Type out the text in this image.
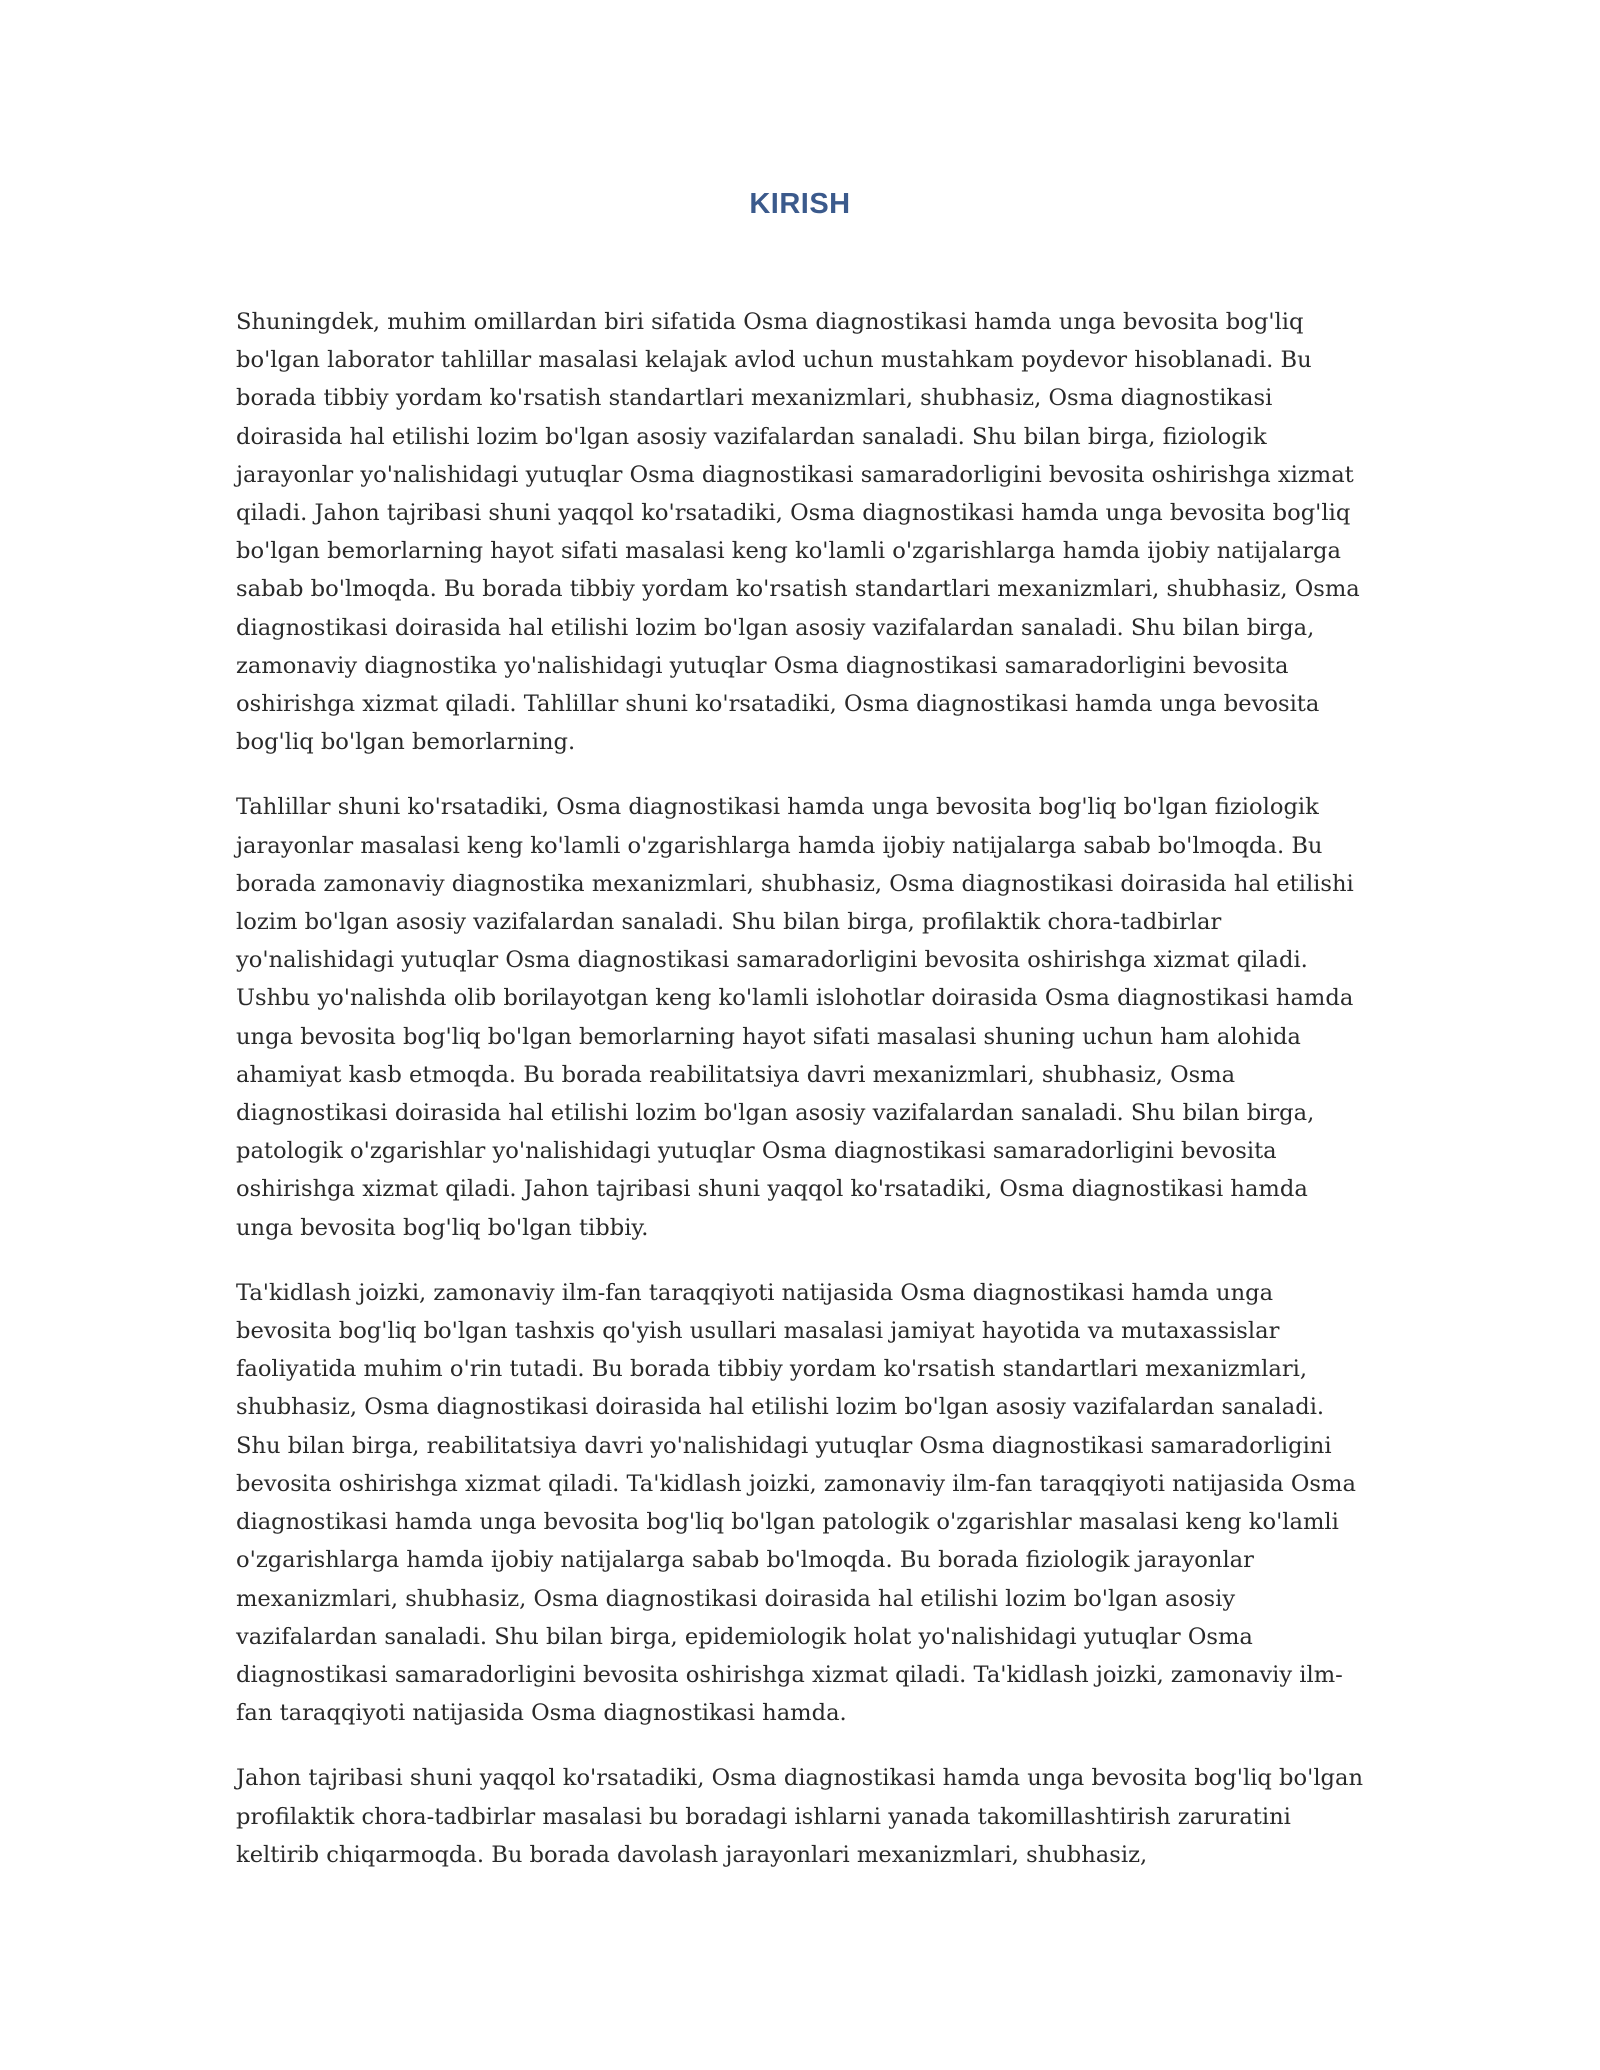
KIRISH

Shuningdek, muhim omillardan biri sifatida Osma diagnostikasi hamda unga bevosita bog'liq bo'lgan laborator tahlillar masalasi kelajak avlod uchun mustahkam poydevor hisoblanadi. Bu borada tibbiy yordam ko'rsatish standartlari mexanizmlari, shubhasiz, Osma diagnostikasi doirasida hal etilishi lozim bo'lgan asosiy vazifalardan sanaladi. Shu bilan birga, fiziologik jarayonlar yo'nalishidagi yutuqlar Osma diagnostikasi samaradorligini bevosita oshirishga xizmat qiladi. Jahon tajribasi shuni yaqqol ko'rsatadiki, Osma diagnostikasi hamda unga bevosita bog'liq bo'lgan bemorlarning hayot sifati masalasi keng ko'lamli o'zgarishlarga hamda ijobiy natijalarga sabab bo'lmoqda. Bu borada tibbiy yordam ko'rsatish standartlari mexanizmlari, shubhasiz, Osma diagnostikasi doirasida hal etilishi lozim bo'lgan asosiy vazifalardan sanaladi. Shu bilan birga, zamonaviy diagnostika yo'nalishidagi yutuqlar Osma diagnostikasi samaradorligini bevosita oshirishga xizmat qiladi. Tahlillar shuni ko'rsatadiki, Osma diagnostikasi hamda unga bevosita bog'liq bo'lgan bemorlarning.

Tahlillar shuni ko'rsatadiki, Osma diagnostikasi hamda unga bevosita bog'liq bo'lgan fiziologik jarayonlar masalasi keng ko'lamli o'zgarishlarga hamda ijobiy natijalarga sabab bo'lmoqda. Bu borada zamonaviy diagnostika mexanizmlari, shubhasiz, Osma diagnostikasi doirasida hal etilishi lozim bo'lgan asosiy vazifalardan sanaladi. Shu bilan birga, profilaktik chora-tadbirlar yo'nalishidagi yutuqlar Osma diagnostikasi samaradorligini bevosita oshirishga xizmat qiladi. Ushbu yo'nalishda olib borilayotgan keng ko'lamli islohotlar doirasida Osma diagnostikasi hamda unga bevosita bog'liq bo'lgan bemorlarning hayot sifati masalasi shuning uchun ham alohida ahamiyat kasb etmoqda. Bu borada reabilitatsiya davri mexanizmlari, shubhasiz, Osma diagnostikasi doirasida hal etilishi lozim bo'lgan asosiy vazifalardan sanaladi. Shu bilan birga, patologik o'zgarishlar yo'nalishidagi yutuqlar Osma diagnostikasi samaradorligini bevosita oshirishga xizmat qiladi. Jahon tajribasi shuni yaqqol ko'rsatadiki, Osma diagnostikasi hamda unga bevosita bog'liq bo'lgan tibbiy.

Ta'kidlash joizki, zamonaviy ilm-fan taraqqiyoti natijasida Osma diagnostikasi hamda unga bevosita bog'liq bo'lgan tashxis qo'yish usullari masalasi jamiyat hayotida va mutaxassislar faoliyatida muhim o'rin tutadi. Bu borada tibbiy yordam ko'rsatish standartlari mexanizmlari, shubhasiz, Osma diagnostikasi doirasida hal etilishi lozim bo'lgan asosiy vazifalardan sanaladi. Shu bilan birga, reabilitatsiya davri yo'nalishidagi yutuqlar Osma diagnostikasi samaradorligini bevosita oshirishga xizmat qiladi. Ta'kidlash joizki, zamonaviy ilm-fan taraqqiyoti natijasida Osma diagnostikasi hamda unga bevosita bog'liq bo'lgan patologik o'zgarishlar masalasi keng ko'lamli o'zgarishlarga hamda ijobiy natijalarga sabab bo'lmoqda. Bu borada fiziologik jarayonlar mexanizmlari, shubhasiz, Osma diagnostikasi doirasida hal etilishi lozim bo'lgan asosiy vazifalardan sanaladi. Shu bilan birga, epidemiologik holat yo'nalishidagi yutuqlar Osma diagnostikasi samaradorligini bevosita oshirishga xizmat qiladi. Ta'kidlash joizki, zamonaviy ilm-fan taraqqiyoti natijasida Osma diagnostikasi hamda.

Jahon tajribasi shuni yaqqol ko'rsatadiki, Osma diagnostikasi hamda unga bevosita bog'liq bo'lgan profilaktik chora-tadbirlar masalasi bu boradagi ishlarni yanada takomillashtirish zaruratini keltirib chiqarmoqda. Bu borada davolash jarayonlari mexanizmlari, shubhasiz,
